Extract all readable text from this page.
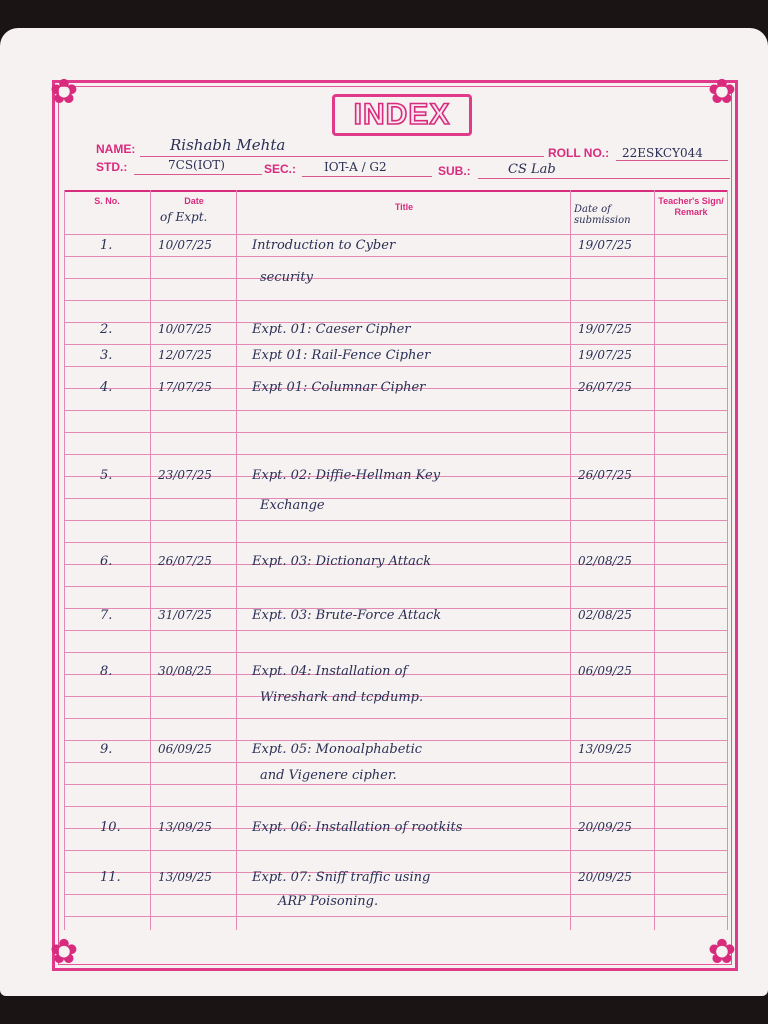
✿	✿
✿	✿
INDEX
NAME: Rishabh Mehta	ROLL NO.: 22ESKCY044
STD.:	7CS(IOT)	SEC.: IOT-A / G2	SUB.:	CS Lab
S. No.	Date
of Expt.
Title	Date of submission
Teacher's Sign/ Remark
1.	10/07/25	Introduction to Cyber	19/07/25
security
2.	10/07/25	Expt. 01: Caeser Cipher	19/07/25
3.	12/07/25	Expt 01: Rail-Fence Cipher	19/07/25
4.	17/07/25	Expt 01: Columnar Cipher	26/07/25
5.	23/07/25	Expt. 02: Diffie-Hellman Key	26/07/25
Exchange
6.	26/07/25	Expt. 03: Dictionary Attack	02/08/25
7.	31/07/25	Expt. 03: Brute-Force Attack	02/08/25
8.	30/08/25	Expt. 04: Installation of	06/09/25
Wireshark and tcpdump.
9.	06/09/25	Expt. 05: Monoalphabetic	13/09/25
and Vigenere cipher.
10.	13/09/25	Expt. 06: Installation of rootkits	20/09/25
11.	13/09/25	Expt. 07: Sniff traffic using	20/09/25
ARP Poisoning.
